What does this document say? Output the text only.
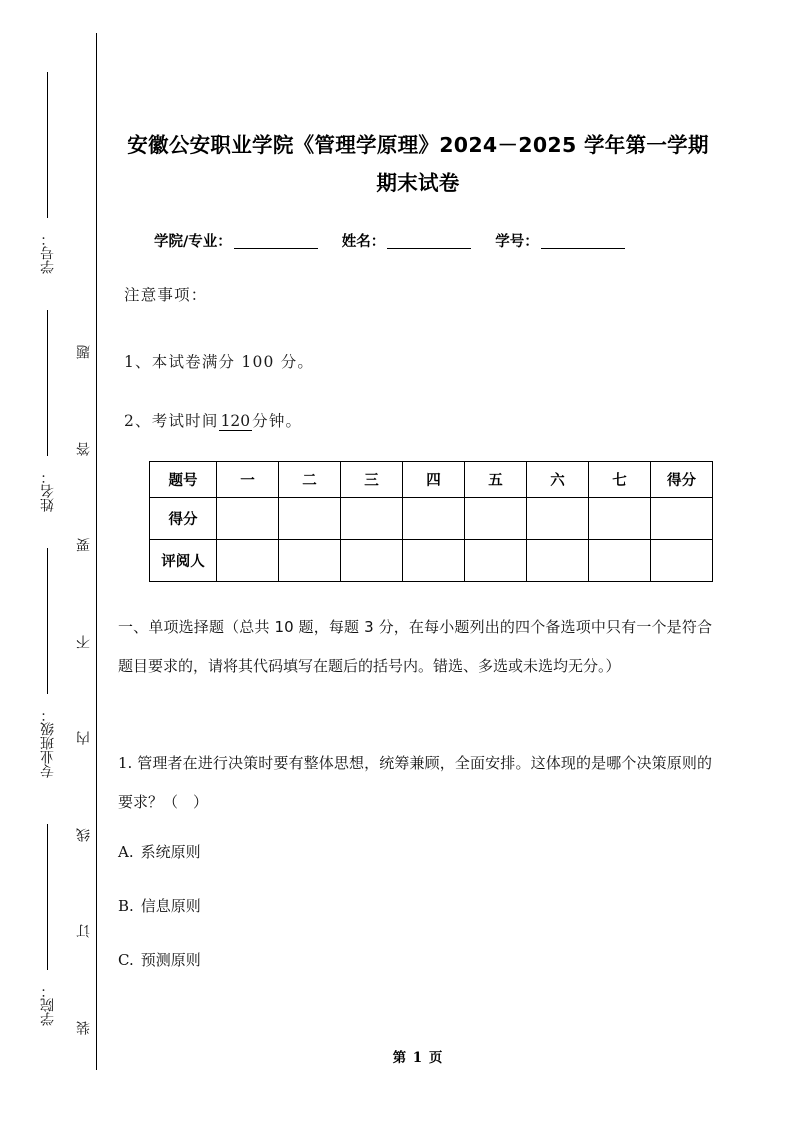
题
答
要
不
内
线
订
装
学号：
姓名：
专业班级：
学院：
安徽公安职业学院《管理学原理》2024－2025 学年第一学期期末试卷
学院/专业：	姓名：	学号：
注意事项：
1、本试卷满分 100 分。
2、考试时间 120 分钟。
题号	一	二	三	四	五	六	七	得分
得分								
评阅人								
一、单项选择题（总共 10 题，每题 3 分，在每小题列出的四个备选项中只有一个是符合题目要求的，请将其代码填写在题后的括号内。错选、多选或未选均无分。）
1. 管理者在进行决策时要有整体思想，统筹兼顾，全面安排。这体现的是哪个决策原则的要求？（　）
A. 系统原则
B. 信息原则
C. 预测原则
第 1 页
